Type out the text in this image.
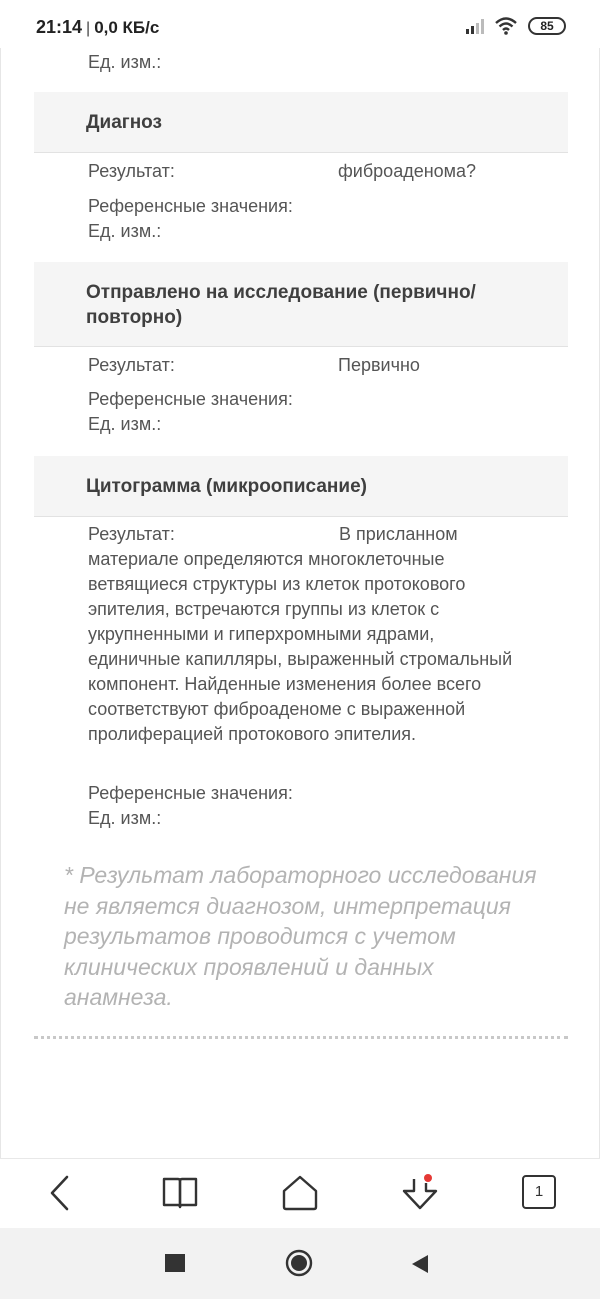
21:14 | 0,0 КБ/с	85
Ед. изм.:
Диагноз
Результат:	фиброаденома?
Референсные значения:
Ед. изм.:
Отправлено на исследование (первично/ повторно)
Результат:	Первично
Референсные значения:
Ед. изм.:
Цитограмма (микроописание)
Результат:	В присланном материале определяются многоклеточные ветвящиеся структуры из клеток протокового эпителия, встречаются группы из клеток с укрупненными и гиперхромными ядрами, единичные капилляры, выраженный стромальный компонент. Найденные изменения более всего соответствуют фиброаденоме с выраженной пролиферацией протокового эпителия.
Референсные значения:
Ед. изм.:
* Результат лабораторного исследования не является диагнозом, интерпретация результатов проводится с учетом клинических проявлений и данных анамнеза.
1
